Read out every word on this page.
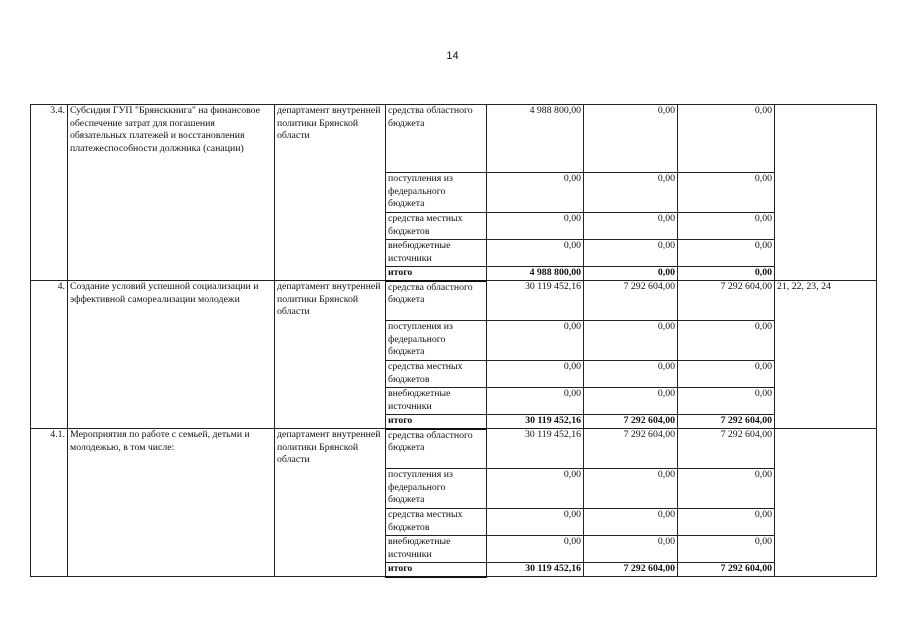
14
3.4.	Субсидия ГУП "Брянсккнига" на финансовое обеспечение затрат для погашения обязательных платежей и восстановления платежеспособности должника (санации)	департамент внутренней политики Брянской области	средства областного бюджета	4 988 800,00	0,00	0,00	
			поступления из федерального бюджета	0,00	0,00	0,00	
			средства местных бюджетов	0,00	0,00	0,00	
			внебюджетные источники	0,00	0,00	0,00	
			итого	4 988 800,00	0,00	0,00	
4.	Создание условий успешной социализации и эффективной самореализации молодежи	департамент внутренней политики Брянской области	средства областного бюджета	30 119 452,16	7 292 604,00	7 292 604,00	21, 22, 23, 24
			поступления из федерального бюджета	0,00	0,00	0,00	
			средства местных бюджетов	0,00	0,00	0,00	
			внебюджетные источники	0,00	0,00	0,00	
			итого	30 119 452,16	7 292 604,00	7 292 604,00	
4.1.	Мероприятия по работе с семьей, детьми и молодежью, в том числе:	департамент внутренней политики Брянской области	средства областного бюджета	30 119 452,16	7 292 604,00	7 292 604,00	
			поступления из федерального бюджета	0,00	0,00	0,00	
			средства местных бюджетов	0,00	0,00	0,00	
			внебюджетные источники	0,00	0,00	0,00	
			итого	30 119 452,16	7 292 604,00	7 292 604,00	
